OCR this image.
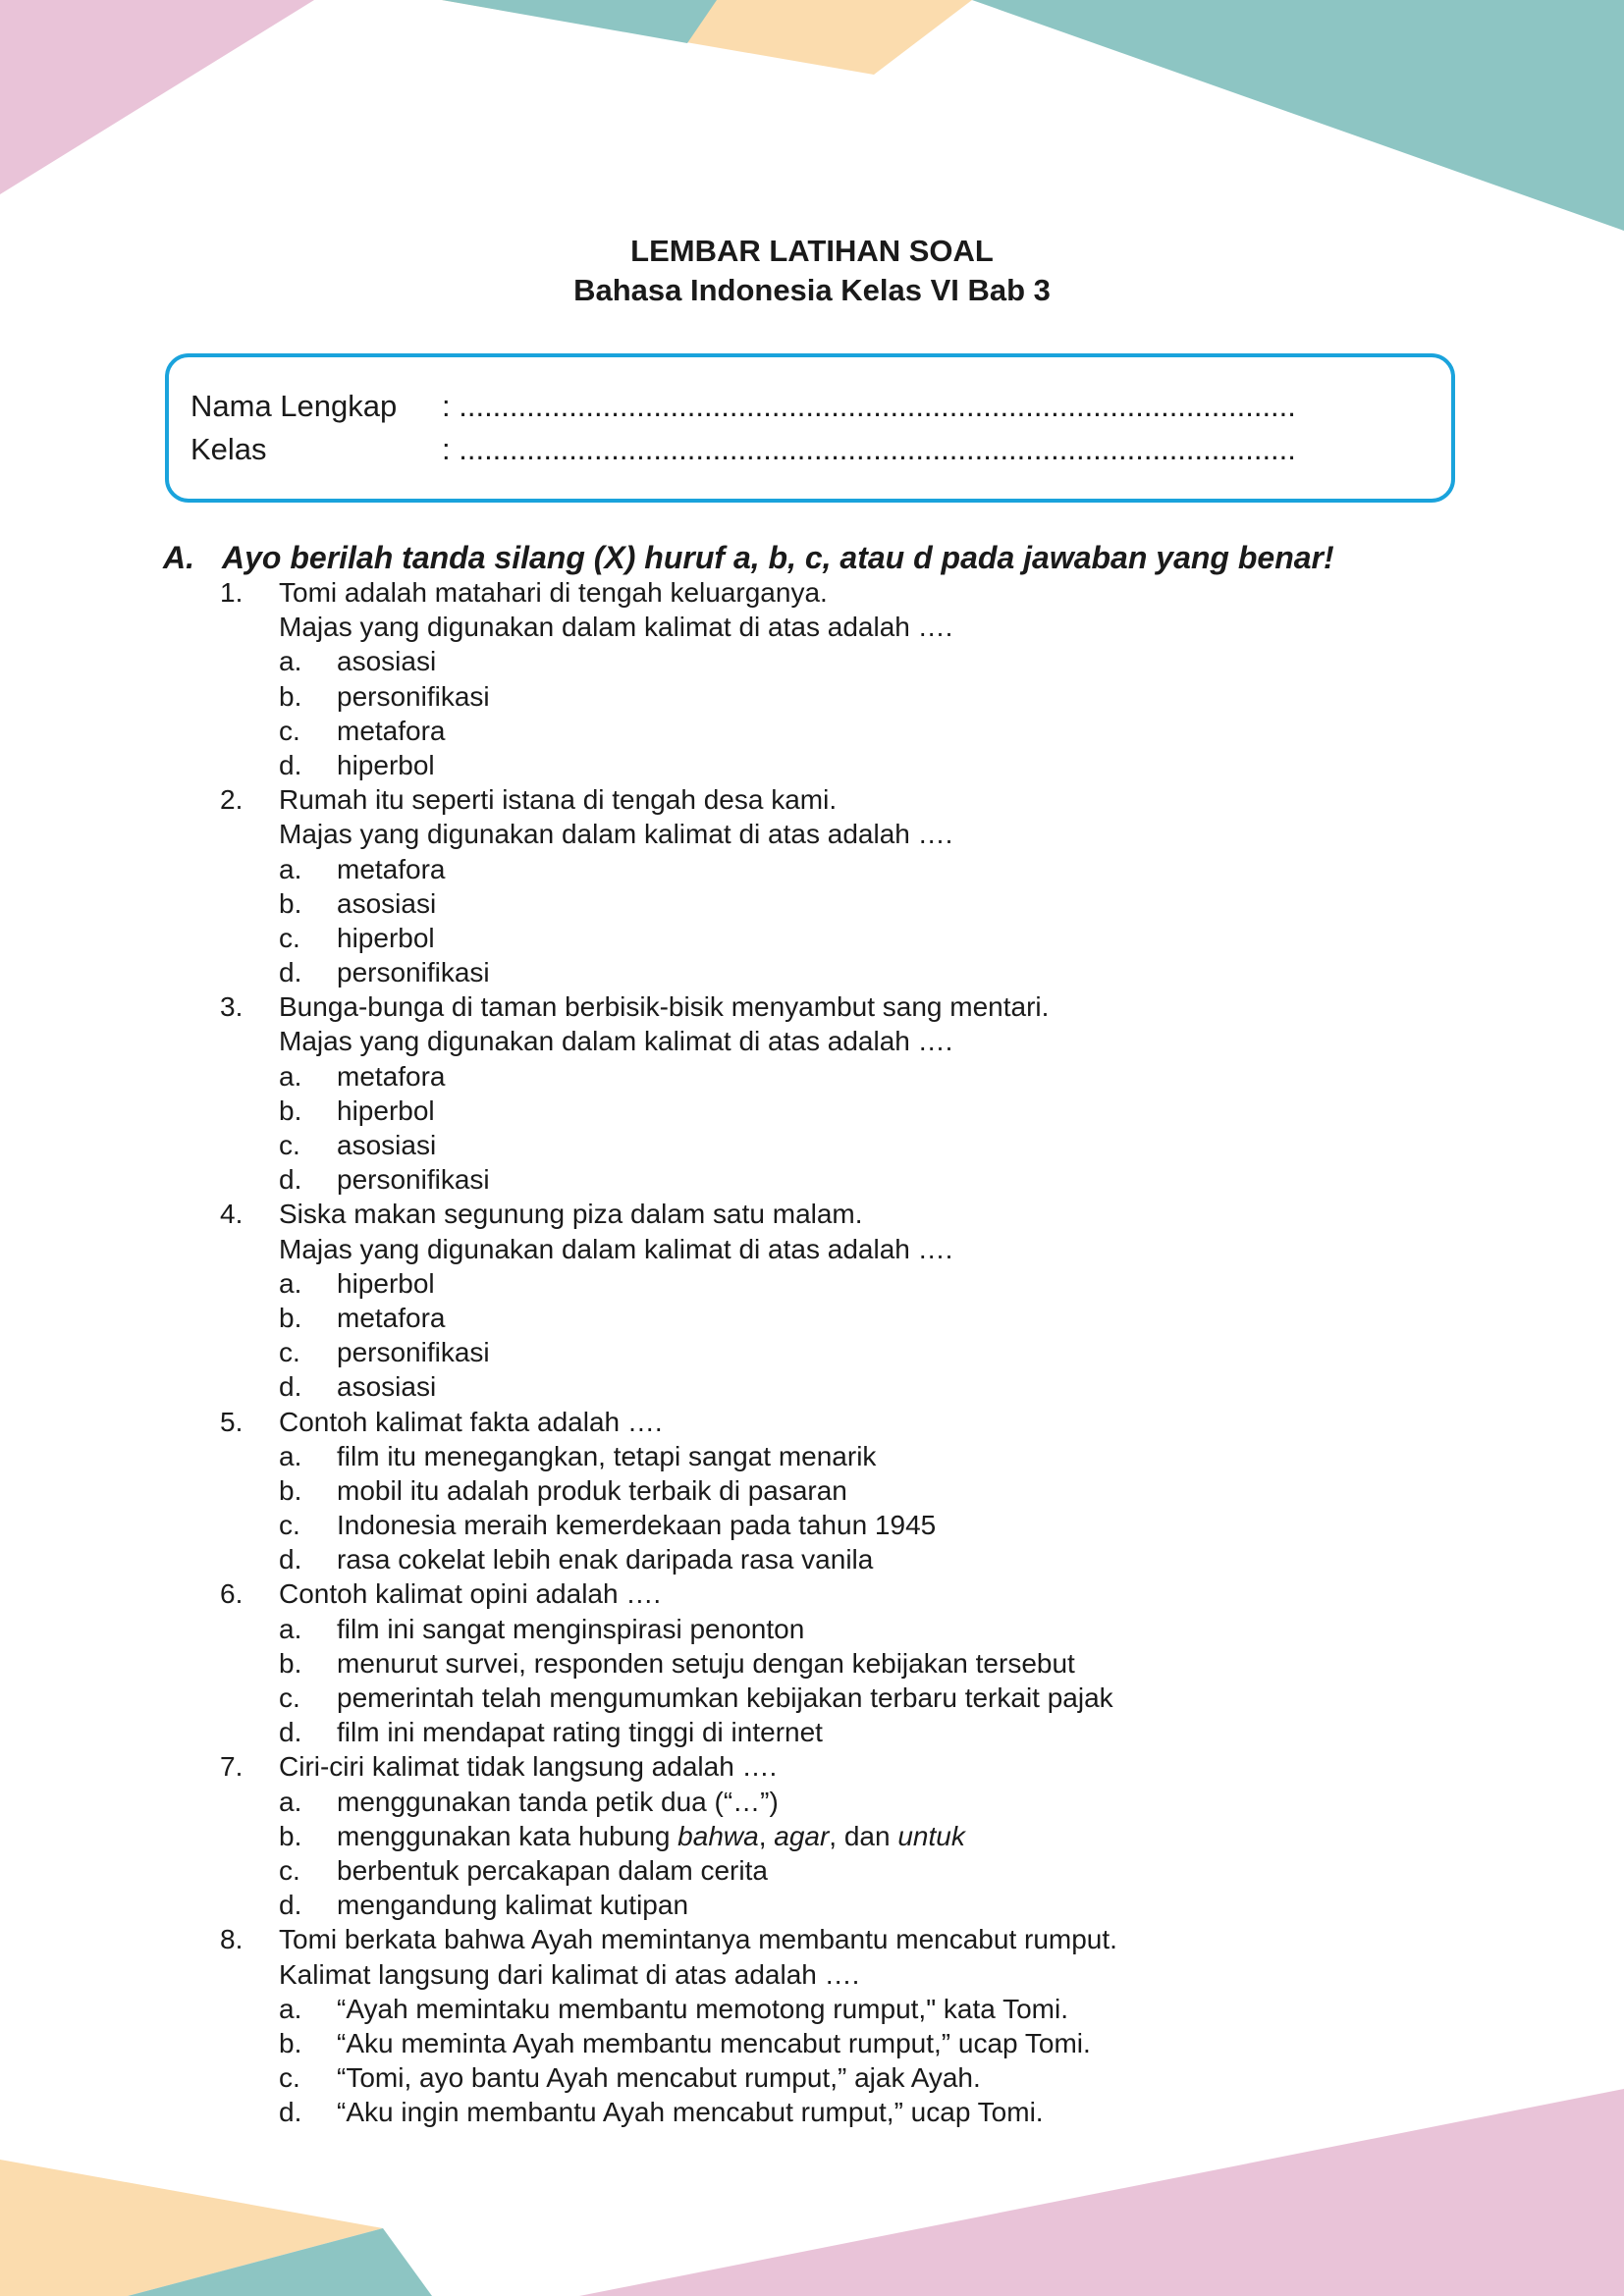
LEMBAR LATIHAN SOAL
Bahasa Indonesia Kelas VI Bab 3
Nama Lengkap : ...................................................................................................
Kelas	: ...................................................................................................
A. Ayo berilah tanda silang (X) huruf a, b, c, atau d pada jawaban yang benar!
1. Tomi adalah matahari di tengah keluarganya.
Majas yang digunakan dalam kalimat di atas adalah ….
a. asosiasi
b. personifikasi
c. metafora
d. hiperbol
2. Rumah itu seperti istana di tengah desa kami.
Majas yang digunakan dalam kalimat di atas adalah ….
a. metafora
b. asosiasi
c. hiperbol
d. personifikasi
3. Bunga-bunga di taman berbisik-bisik menyambut sang mentari.
Majas yang digunakan dalam kalimat di atas adalah ….
a. metafora
b. hiperbol
c. asosiasi
d. personifikasi
4. Siska makan segunung piza dalam satu malam.
Majas yang digunakan dalam kalimat di atas adalah ….
a. hiperbol
b. metafora
c. personifikasi
d. asosiasi
5. Contoh kalimat fakta adalah ….
a. film itu menegangkan, tetapi sangat menarik
b. mobil itu adalah produk terbaik di pasaran
c. Indonesia meraih kemerdekaan pada tahun 1945
d. rasa cokelat lebih enak daripada rasa vanila
6. Contoh kalimat opini adalah ….
a. film ini sangat menginspirasi penonton
b. menurut survei, responden setuju dengan kebijakan tersebut
c. pemerintah telah mengumumkan kebijakan terbaru terkait pajak
d. film ini mendapat rating tinggi di internet
7. Ciri-ciri kalimat tidak langsung adalah ….
a. menggunakan tanda petik dua (“…”)
b. menggunakan kata hubung bahwa, agar, dan untuk
c. berbentuk percakapan dalam cerita
d. mengandung kalimat kutipan
8. Tomi berkata bahwa Ayah memintanya membantu mencabut rumput.
Kalimat langsung dari kalimat di atas adalah ….
a. “Ayah memintaku membantu memotong rumput," kata Tomi.
b. “Aku meminta Ayah membantu mencabut rumput,” ucap Tomi.
c. “Tomi, ayo bantu Ayah mencabut rumput,” ajak Ayah.
d. “Aku ingin membantu Ayah mencabut rumput,” ucap Tomi.
